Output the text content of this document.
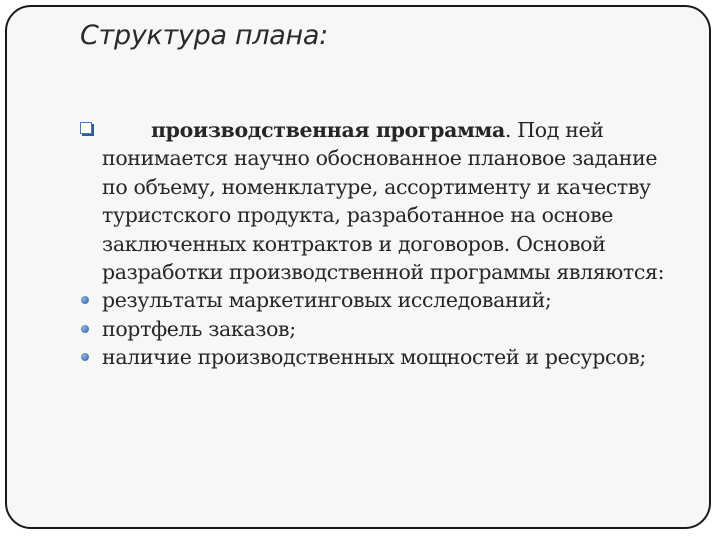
Структура плана:
производственная программа. Под ней
понимается научно обоснованное плановое задание по объему, номенклатуре, ассортименту и качеству туристского продукта, разработанное на основе заключенных контрактов и договоров. Основой разработки производственной программы являются:
результаты маркетинговых исследований;
портфель заказов;
наличие производственных мощностей и ресурсов;
